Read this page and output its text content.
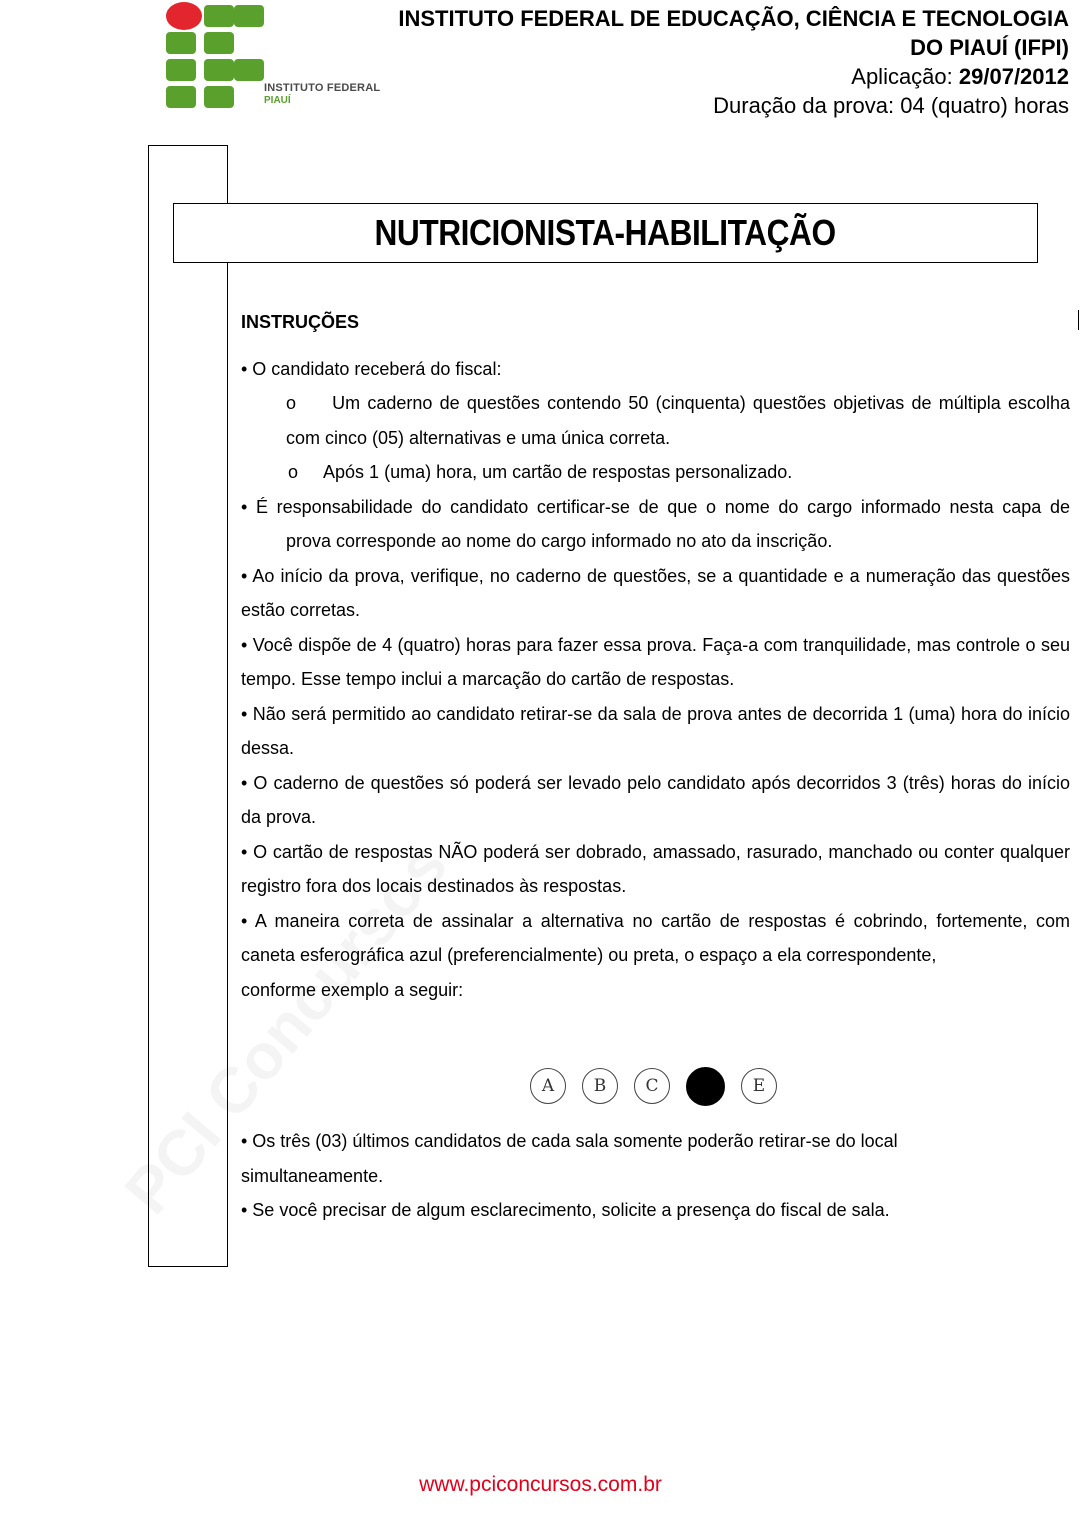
INSTITUTO FEDERAL
PIAUÍ
INSTITUTO FEDERAL DE EDUCAÇÃO, CIÊNCIA E TECNOLOGIA DO PIAUÍ (IFPI)
Aplicação: 29/07/2012
Duração da prova: 04 (quatro) horas
NUTRICIONISTA-HABILITAÇÃO
INSTRUÇÕES

• O candidato receberá do fiscal:

o Um caderno de questões contendo 50 (cinquenta) questões objetivas de múltipla escolha

com cinco (05) alternativas e uma única correta.

o Após 1 (uma) hora, um cartão de respostas personalizado.

• É responsabilidade do candidato certificar-se de que o nome do cargo informado nesta capa de

prova corresponde ao nome do cargo informado no ato da inscrição.

• Ao início da prova, verifique, no caderno de questões, se a quantidade e a numeração das questões estão corretas.

• Você dispõe de 4 (quatro) horas para fazer essa prova. Faça-a com tranquilidade, mas controle o seu tempo. Esse tempo inclui a marcação do cartão de respostas.

• Não será permitido ao candidato retirar-se da sala de prova antes de decorrida 1 (uma) hora do início dessa.

• O caderno de questões só poderá ser levado pelo candidato após decorridos 3 (três) horas do início da prova.

• O cartão de respostas NÃO poderá ser dobrado, amassado, rasurado, manchado ou conter qualquer registro fora dos locais destinados às respostas.

• A maneira correta de assinalar a alternativa no cartão de respostas é cobrindo, fortemente, com caneta esferográfica azul (preferencialmente) ou preta, o espaço a ela correspondente,

conforme exemplo a seguir:

A	B	C	E

• Os três (03) últimos candidatos de cada sala somente poderão retirar-se do local

simultaneamente.

• Se você precisar de algum esclarecimento, solicite a presença do fiscal de sala.

www.pciconcursos.com.br
